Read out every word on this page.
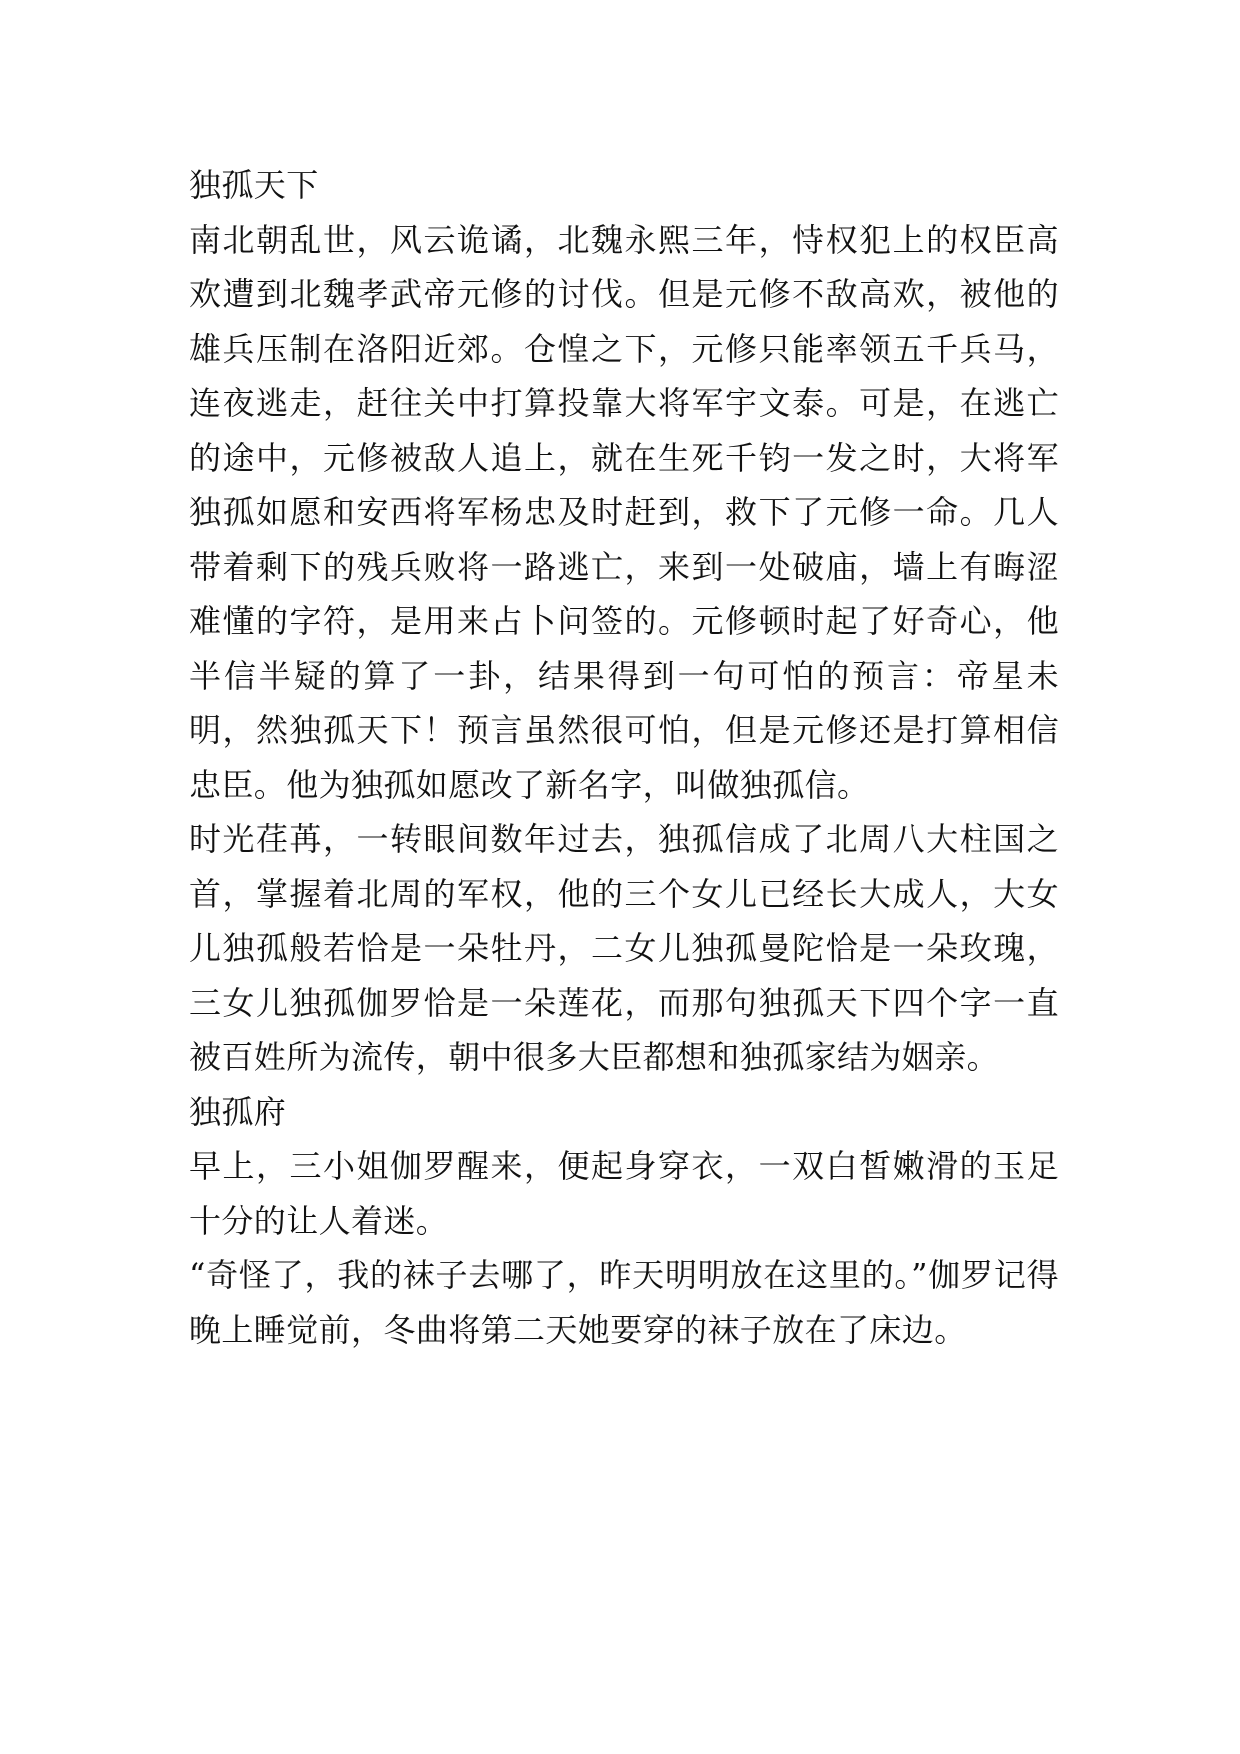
独孤天下

南北朝乱世，风云诡谲，北魏永熙三年，恃权犯上的权臣高欢遭到北魏孝武帝元修的讨伐。但是元修不敌高欢，被他的雄兵压制在洛阳近郊。仓惶之下，元修只能率领五千兵马，连夜逃走，赶往关中打算投靠大将军宇文泰。可是，在逃亡的途中，元修被敌人追上，就在生死千钧一发之时，大将军独孤如愿和安西将军杨忠及时赶到，救下了元修一命。几人带着剩下的残兵败将一路逃亡，来到一处破庙，墙上有晦涩难懂的字符，是用来占卜问签的。元修顿时起了好奇心，他半信半疑的算了一卦，结果得到一句可怕的预言：帝星未明，然独孤天下！预言虽然很可怕，但是元修还是打算相信忠臣。他为独孤如愿改了新名字，叫做独孤信。

时光荏苒，一转眼间数年过去，独孤信成了北周八大柱国之首，掌握着北周的军权，他的三个女儿已经长大成人，大女儿独孤般若恰是一朵牡丹，二女儿独孤曼陀恰是一朵玫瑰，三女儿独孤伽罗恰是一朵莲花，而那句独孤天下四个字一直被百姓所为流传，朝中很多大臣都想和独孤家结为姻亲。

独孤府

早上，三小姐伽罗醒来，便起身穿衣，一双白皙嫩滑的玉足十分的让人着迷。

“奇怪了，我的袜子去哪了，昨天明明放在这里的。”伽罗记得晚上睡觉前，冬曲将第二天她要穿的袜子放在了床边。
